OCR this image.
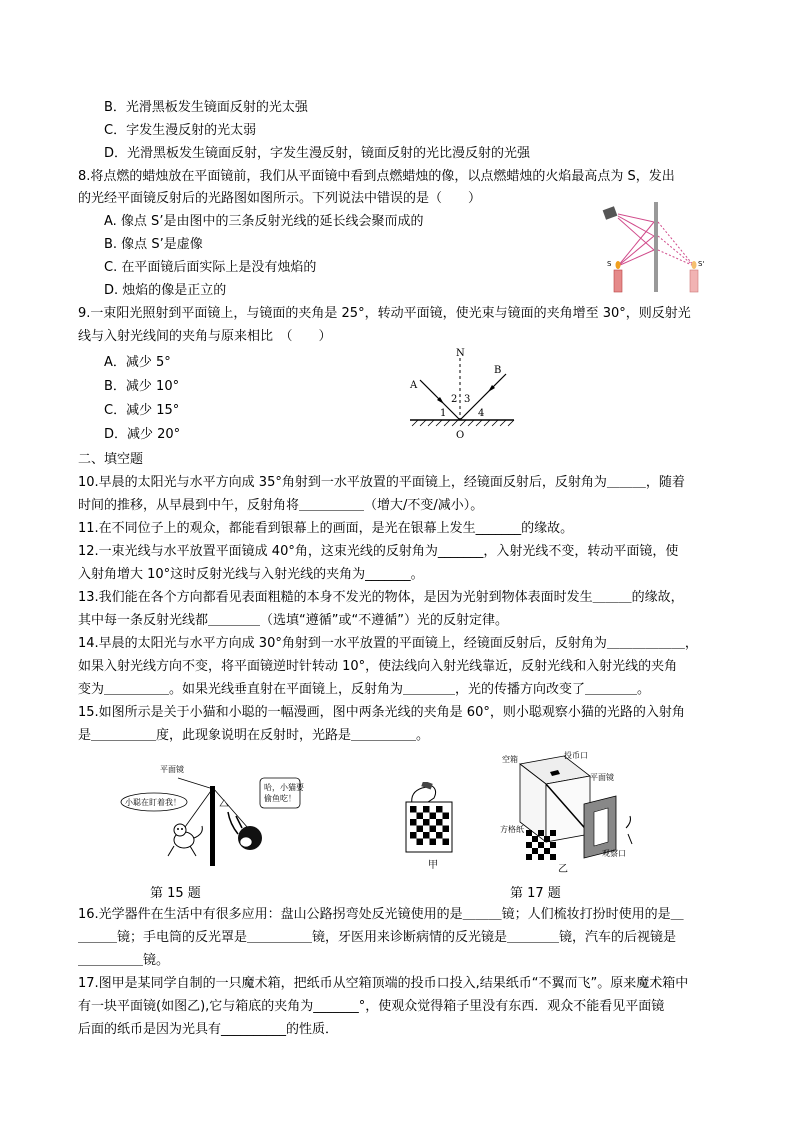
B．光滑黑板发生镜面反射的光太强
C．字发生漫反射的光太弱
D．光滑黑板发生镜面反射，字发生漫反射，镜面反射的光比漫反射的光强
8.将点燃的蜡烛放在平面镜前，我们从平面镜中看到点燃蜡烛的像，以点燃蜡烛的火焰最高点为 S，发出
的光经平面镜反射后的光路图如图所示。下列说法中错误的是（　　）
A. 像点 S’是由图中的三条反射光线的延长线会聚而成的
B. 像点 S’是虚像
C. 在平面镜后面实际上是没有烛焰的
D. 烛焰的像是正立的
S	S'
9.一束阳光照射到平面镜上，与镜面的夹角是 25°，转动平面镜，使光束与镜面的夹角增至 30°，则反射光
线与入射光线间的夹角与原来相比　（　　）
A．减少 5°
B．减少 10°
C．减少 15°
D．减少 20°
N
A
B
O
1
2 3
4
二、填空题
10.早晨的太阳光与水平方向成 35°角射到一水平放置的平面镜上，经镜面反射后，反射角为＿＿＿，随着
时间的推移，从早晨到中午，反射角将＿＿＿＿＿（增大/不变/减小）。
11.在不同位子上的观众，都能看到银幕上的画面，是光在银幕上发生_______的缘故。
12.一束光线与水平放置平面镜成 40°角，这束光线的反射角为_______，入射光线不变，转动平面镜，使
入射角增大 10°这时反射光线与入射光线的夹角为_______。
13.我们能在各个方向都看见表面粗糙的本身不发光的物体，是因为光射到物体表面时发生＿＿＿的缘故，
其中每一条反射光线都＿＿＿＿（选填“遵循”或“不遵循”）光的反射定律。
14.早晨的太阳光与水平方向成 30°角射到一水平放置的平面镜上，经镜面反射后，反射角为＿＿＿＿＿＿，
如果入射光线方向不变，将平面镜逆时针转动 10°，使法线向入射光线靠近，反射光线和入射光线的夹角
变为＿＿＿＿＿。如果光线垂直射在平面镜上，反射角为＿＿＿＿，光的传播方向改变了＿＿＿＿。
15.如图所示是关于小猫和小聪的一幅漫画，图中两条光线的夹角是 60°，则小聪观察小猫的光路的入射角
是＿＿＿＿＿度，此现象说明在反射时，光路是＿＿＿＿＿。
平面镜
小聪在盯着我！
哈，小猫要
偷鱼吃！
甲
空箱	投币口
平面镜
方格纸
观察口
乙
第 15 题	第 17 题
16.光学器件在生活中有很多应用：盘山公路拐弯处反光镜使用的是＿＿＿镜；人们梳妆打扮时使用的是＿
＿＿＿镜；手电筒的反光罩是＿＿＿＿＿镜，牙医用来诊断病情的反光镜是＿＿＿＿镜，汽车的后视镜是
＿＿＿＿＿镜。
17.图甲是某同学自制的一只魔术箱，把纸币从空箱顶端的投币口投入,结果纸币“不翼而飞”。原来魔术箱中
有一块平面镜(如图乙),它与箱底的夹角为_______°，使观众觉得箱子里没有东西．观众不能看见平面镜
后面的纸币是因为光具有__________的性质．
